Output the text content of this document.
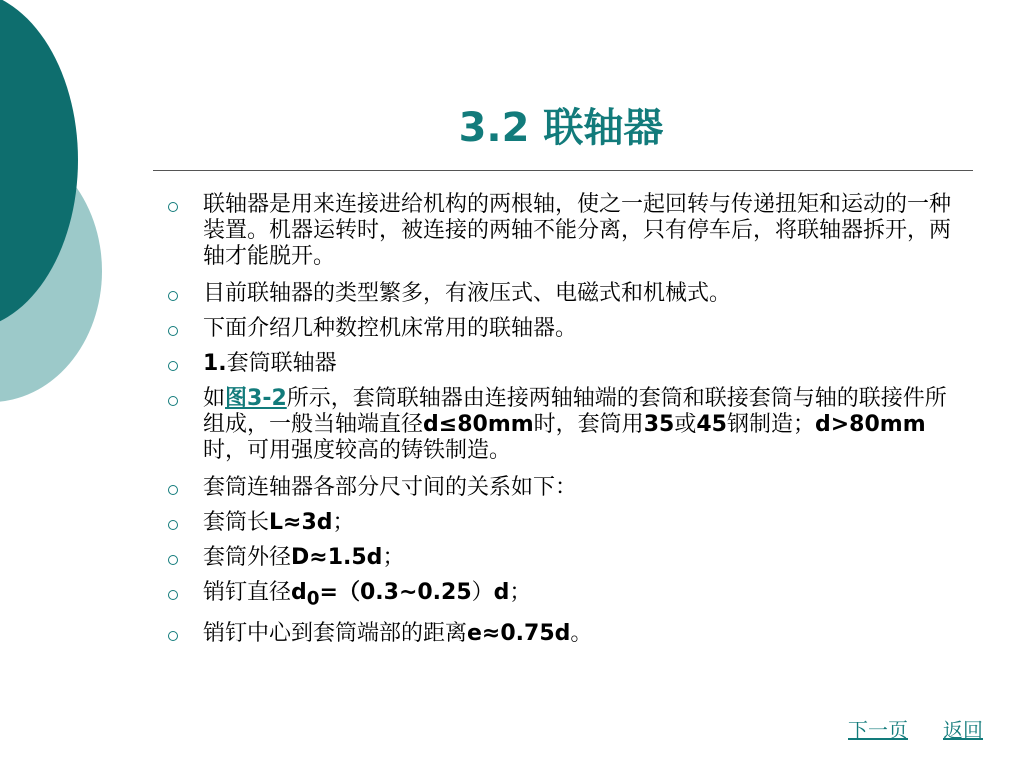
3.2 联轴器
联轴器是用来连接进给机构的两根轴，使之一起回转与传递扭矩和运动的一种装置。机器运转时，被连接的两轴不能分离，只有停车后，将联轴器拆开，两轴才能脱开。
目前联轴器的类型繁多，有液压式、电磁式和机械式。
下面介绍几种数控机床常用的联轴器。
1.套筒联轴器
如图3-2所示，套筒联轴器由连接两轴轴端的套筒和联接套筒与轴的联接件所组成，一般当轴端直径d≤80mm时，套筒用35或45钢制造；d>80mm时，可用强度较高的铸铁制造。
套筒连轴器各部分尺寸间的关系如下：
套筒长L≈3d；
套筒外径D≈1.5d；
销钉直径$d_0=(0.3\sim 0.25)d$；
销钉中心到套筒端部的距离e≈0.75d。
下一页 返回
